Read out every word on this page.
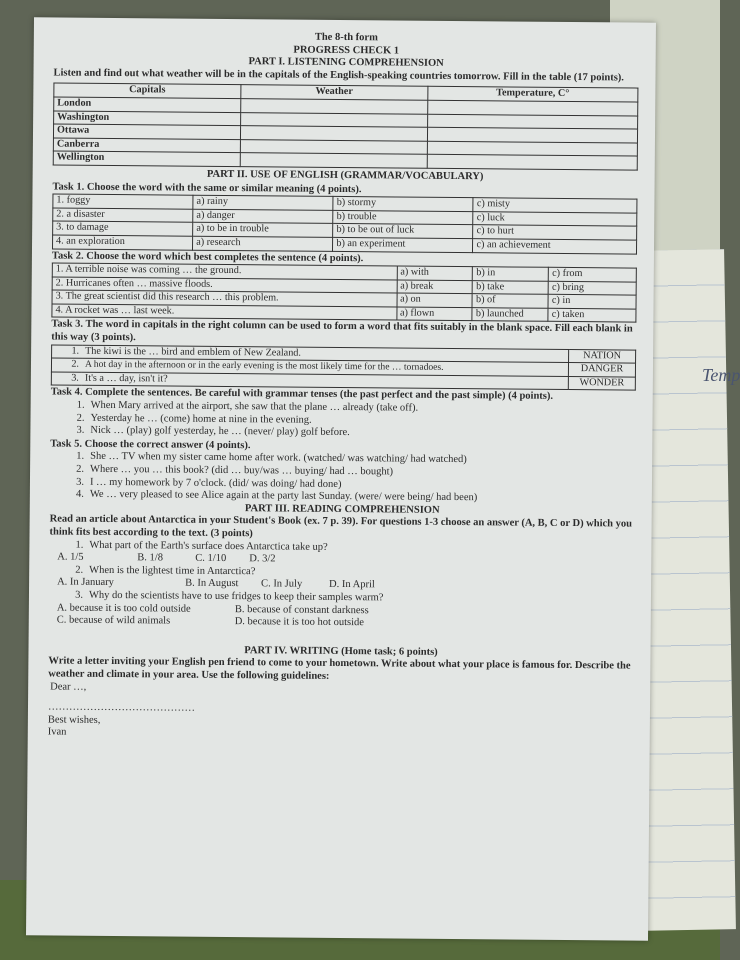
Temp
The 8-th form
PROGRESS CHECK 1
PART I. LISTENING COMPREHENSION
Listen and find out what weather will be in the capitals of the English-speaking countries tomorrow. Fill in the table (17 points).
Capitals	Weather	Temperature, C°
London		
Washington		
Ottawa		
Canberra		
Wellington		
PART II. USE OF ENGLISH (GRAMMAR/VOCABULARY)
Task 1. Choose the word with the same or similar meaning (4 points).
1. foggy	a) rainy	b) stormy	c) misty
2. a disaster	a) danger	b) trouble	c) luck
3. to damage	a) to be in trouble	b) to be out of luck	c) to hurt
4. an exploration	a) research	b) an experiment	c) an achievement
Task 2. Choose the word which best completes the sentence (4 points).
1. A terrible noise was coming … the ground.	a) with	b) in	c) from
2. Hurricanes often … massive floods.	a) break	b) take	c) bring
3. The great scientist did this research … this problem.	a) on	b) of	c) in
4. A rocket was … last week.	a) flown	b) launched	c) taken
Task 3. The word in capitals in the right column can be used to form a word that fits suitably in the blank space. Fill each blank in this way (3 points).
1.	The kiwi is the … bird and emblem of New Zealand.	NATION
2.	A hot day in the afternoon or in the early evening is the most likely time for the … tornadoes.	DANGER
3.	It's a … day, isn't it?	WONDER
Task 4. Complete the sentences. Be careful with grammar tenses (the past perfect and the past simple) (4 points).
1. When Mary arrived at the airport, she saw that the plane … already (take off).
2. Yesterday he … (come) home at nine in the evening.
3. Nick … (play) golf yesterday, he … (never/ play) golf before.
Task 5. Choose the correct answer (4 points).
1. She … TV when my sister came home after work. (watched/ was watching/ had watched)
2. Where … you … this book? (did … buy/was … buying/ had … bought)
3. I … my homework by 7 o'clock. (did/ was doing/ had done)
4. We … very pleased to see Alice again at the party last Sunday. (were/ were being/ had been)
PART III. READING COMPREHENSION
Read an article about Antarctica in your Student's Book (ex. 7 p. 39). For questions 1-3 choose an answer (A, B, C or D) which you think fits best according to the text. (3 points)
1. What part of the Earth's surface does Antarctica take up?
A. 1/5	B. 1/8	C. 1/10 D. 3/2
2. When is the lightest time in Antarctica?
A. In January	B. In August C. In July	D. In April
3. Why do the scientists have to use fridges to keep their samples warm?
A. because it is too cold outside	B. because of constant darkness
C. because of wild animals	D. because it is too hot outside
PART IV. WRITING (Home task; 6 points)
Write a letter inviting your English pen friend to come to your hometown. Write about what your place is famous for. Describe the weather and climate in your area. Use the following guidelines:
Dear …,
……………………………………
Best wishes,
Ivan
